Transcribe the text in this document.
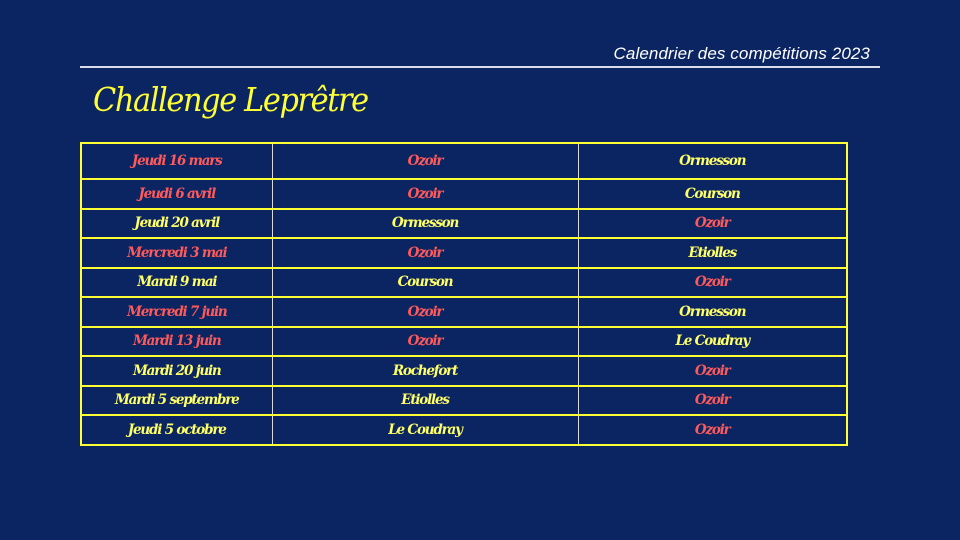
Calendrier des compétitions 2023
Challenge Leprêtre
Jeudi 16 mars	Ozoir	Ormesson
Jeudi 6 avril	Ozoir	Courson
Jeudi 20 avril	Ormesson	Ozoir
Mercredi 3 mai	Ozoir	Etiolles
Mardi 9 mai	Courson	Ozoir
Mercredi 7 juin	Ozoir	Ormesson
Mardi 13 juin	Ozoir	Le Coudray
Mardi 20 juin	Rochefort	Ozoir
Mardi 5 septembre	Etiolles	Ozoir
Jeudi 5 octobre	Le Coudray	Ozoir
